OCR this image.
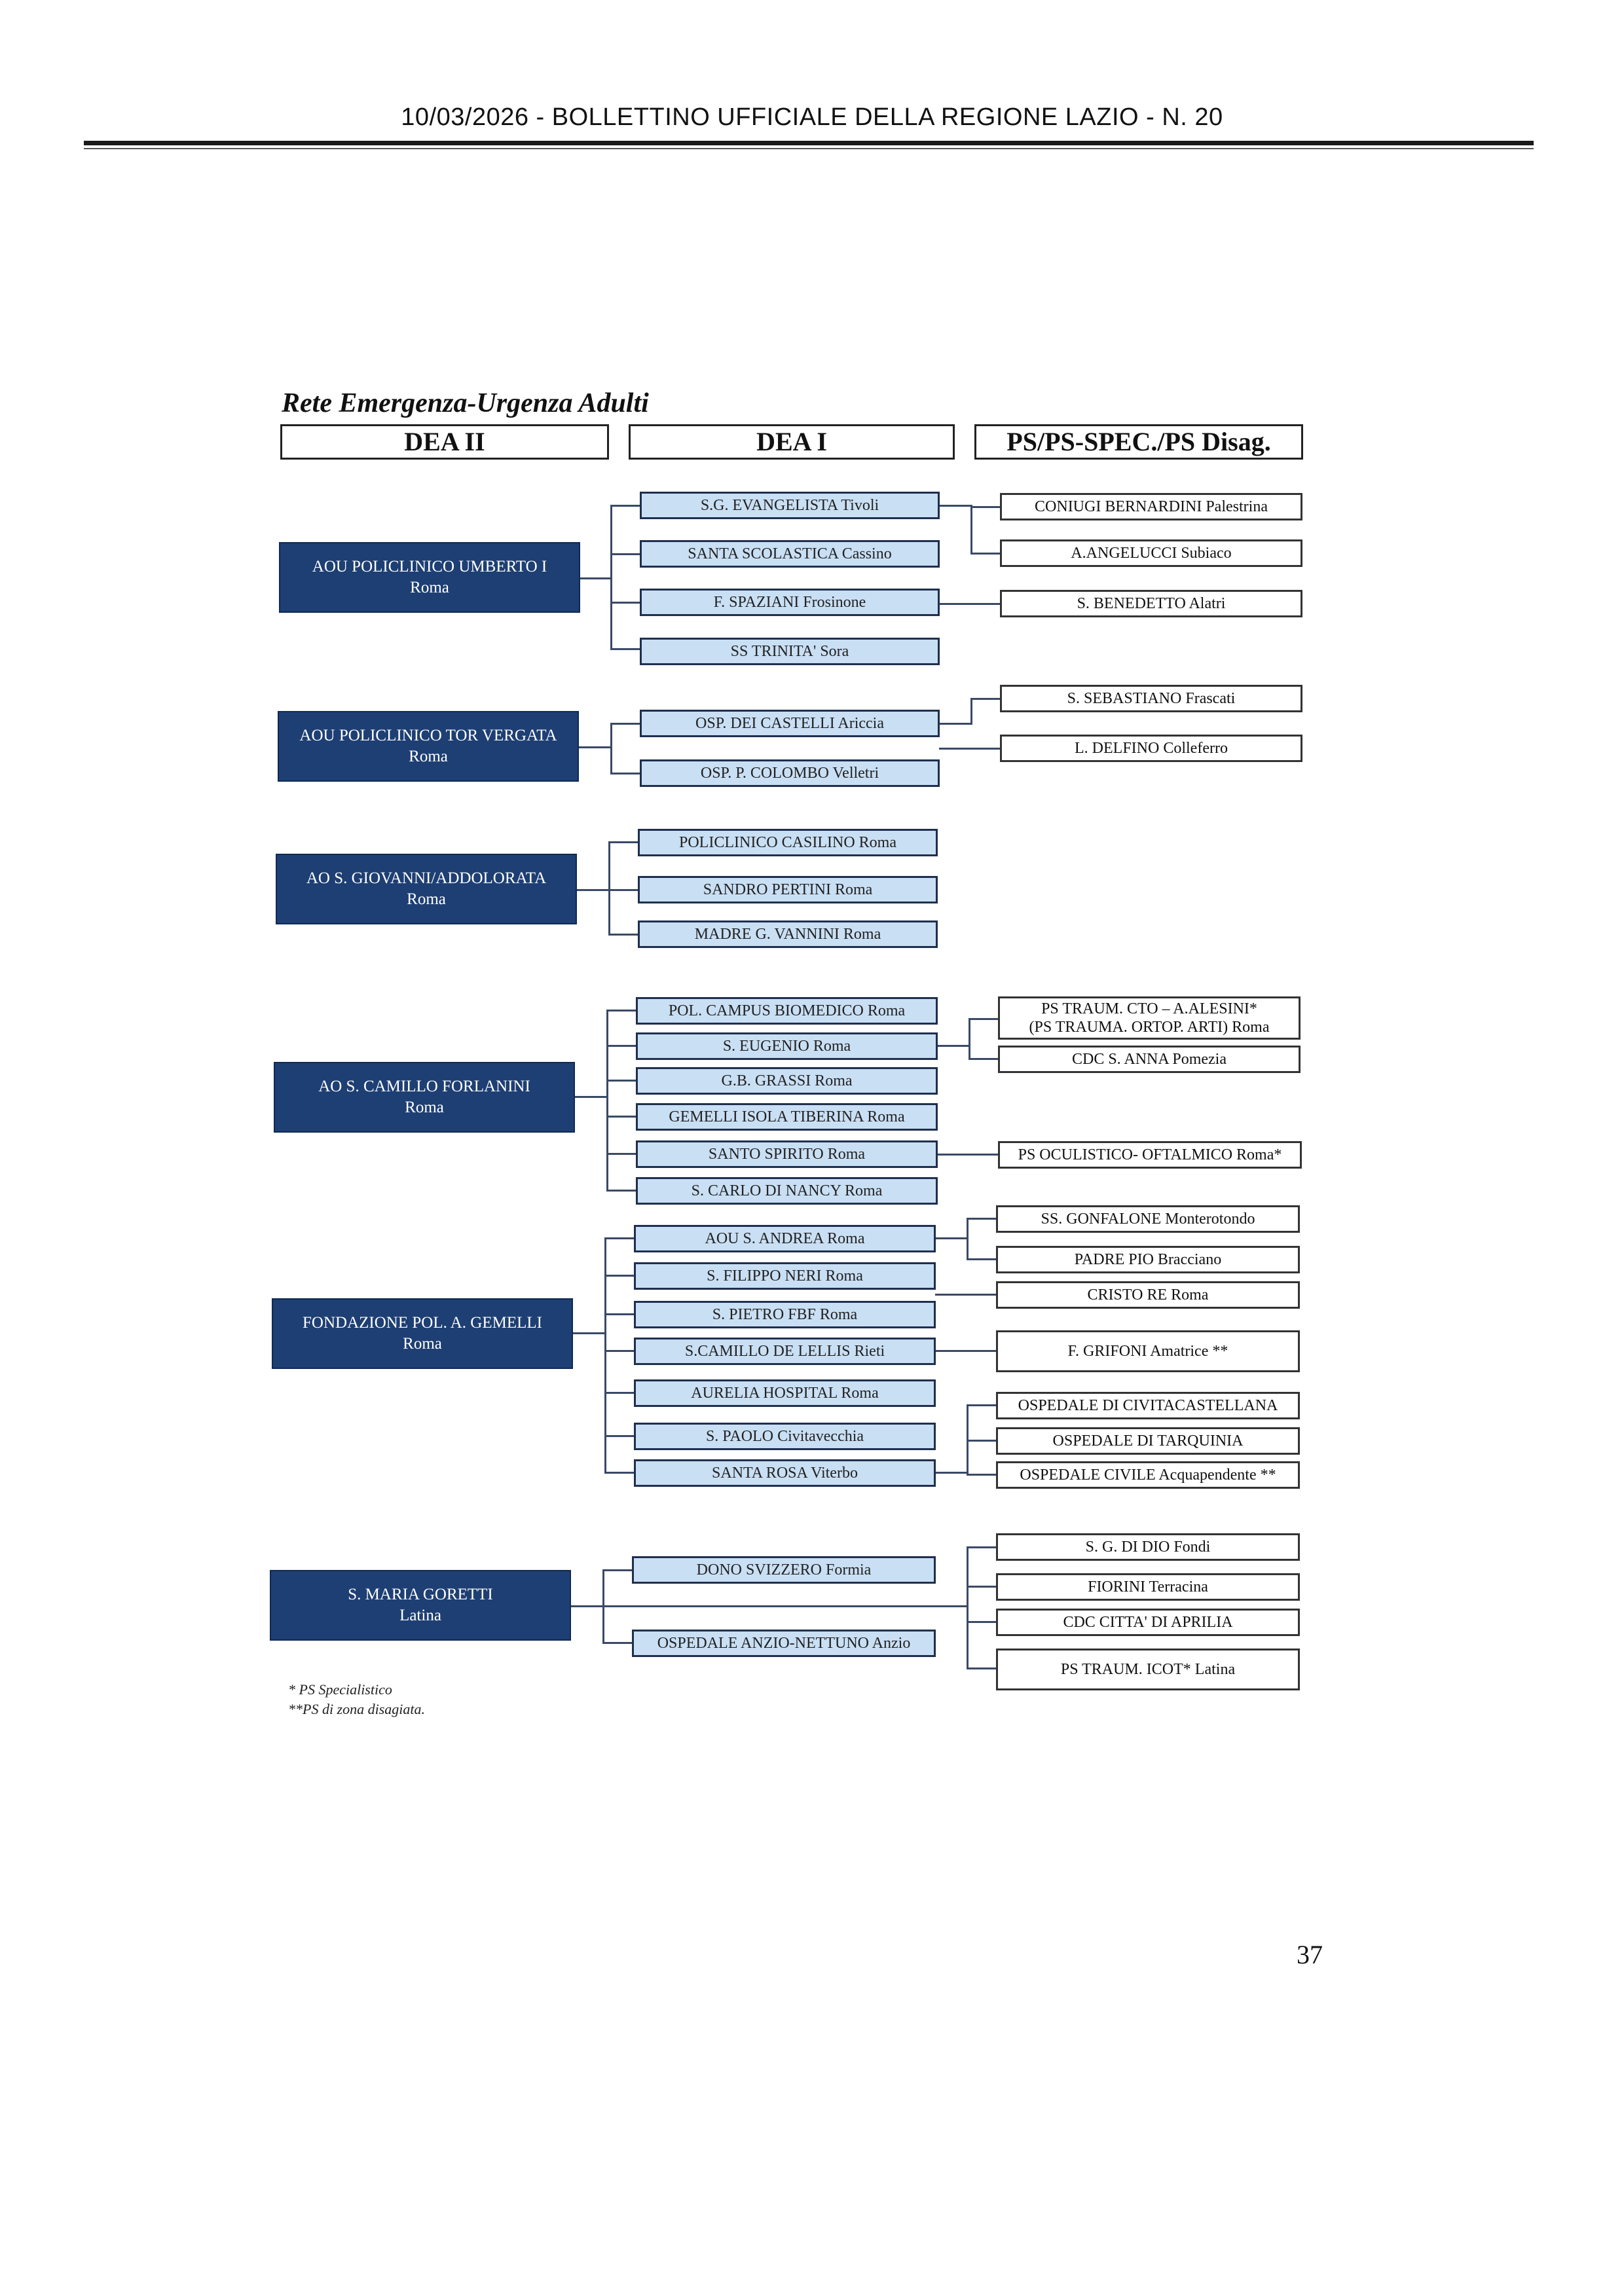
10/03/2026 - BOLLETTINO UFFICIALE DELLA REGIONE LAZIO - N. 20
Rete Emergenza-Urgenza Adulti
DEA II	DEA I	PS/PS-SPEC./PS Disag.
AOU POLICLINICO UMBERTO I
Roma
S.G. EVANGELISTA Tivoli
SANTA SCOLASTICA Cassino
F. SPAZIANI Frosinone
SS TRINITA' Sora
CONIUGI BERNARDINI Palestrina
A.ANGELUCCI Subiaco
S. BENEDETTO Alatri
AOU POLICLINICO TOR VERGATA
Roma
OSP. DEI CASTELLI Ariccia
OSP. P. COLOMBO Velletri
S. SEBASTIANO Frascati
L. DELFINO Colleferro
AO S. GIOVANNI/ADDOLORATA
Roma
POLICLINICO CASILINO Roma
SANDRO PERTINI Roma
MADRE G. VANNINI Roma
AO S. CAMILLO FORLANINI
Roma
POL. CAMPUS BIOMEDICO Roma
S. EUGENIO Roma
G.B. GRASSI Roma
GEMELLI ISOLA TIBERINA Roma
SANTO SPIRITO Roma
S. CARLO DI NANCY Roma
PS TRAUM. CTO – A.ALESINI*
(PS TRAUMA. ORTOP. ARTI) Roma
CDC S. ANNA Pomezia
PS OCULISTICO- OFTALMICO Roma*
FONDAZIONE POL. A. GEMELLI
Roma
AOU S. ANDREA Roma
S. FILIPPO NERI Roma
S. PIETRO FBF Roma
S.CAMILLO DE LELLIS Rieti
AURELIA HOSPITAL Roma
S. PAOLO Civitavecchia
SANTA ROSA Viterbo
SS. GONFALONE Monterotondo
PADRE PIO Bracciano
CRISTO RE Roma
F. GRIFONI Amatrice **
OSPEDALE DI CIVITACASTELLANA
OSPEDALE DI TARQUINIA
OSPEDALE CIVILE Acquapendente **
S. MARIA GORETTI
Latina
DONO SVIZZERO Formia
OSPEDALE ANZIO-NETTUNO Anzio
S. G. DI DIO Fondi
FIORINI Terracina
CDC CITTA' DI APRILIA
PS TRAUM. ICOT* Latina
* PS Specialistico
**PS di zona disagiata.
37
